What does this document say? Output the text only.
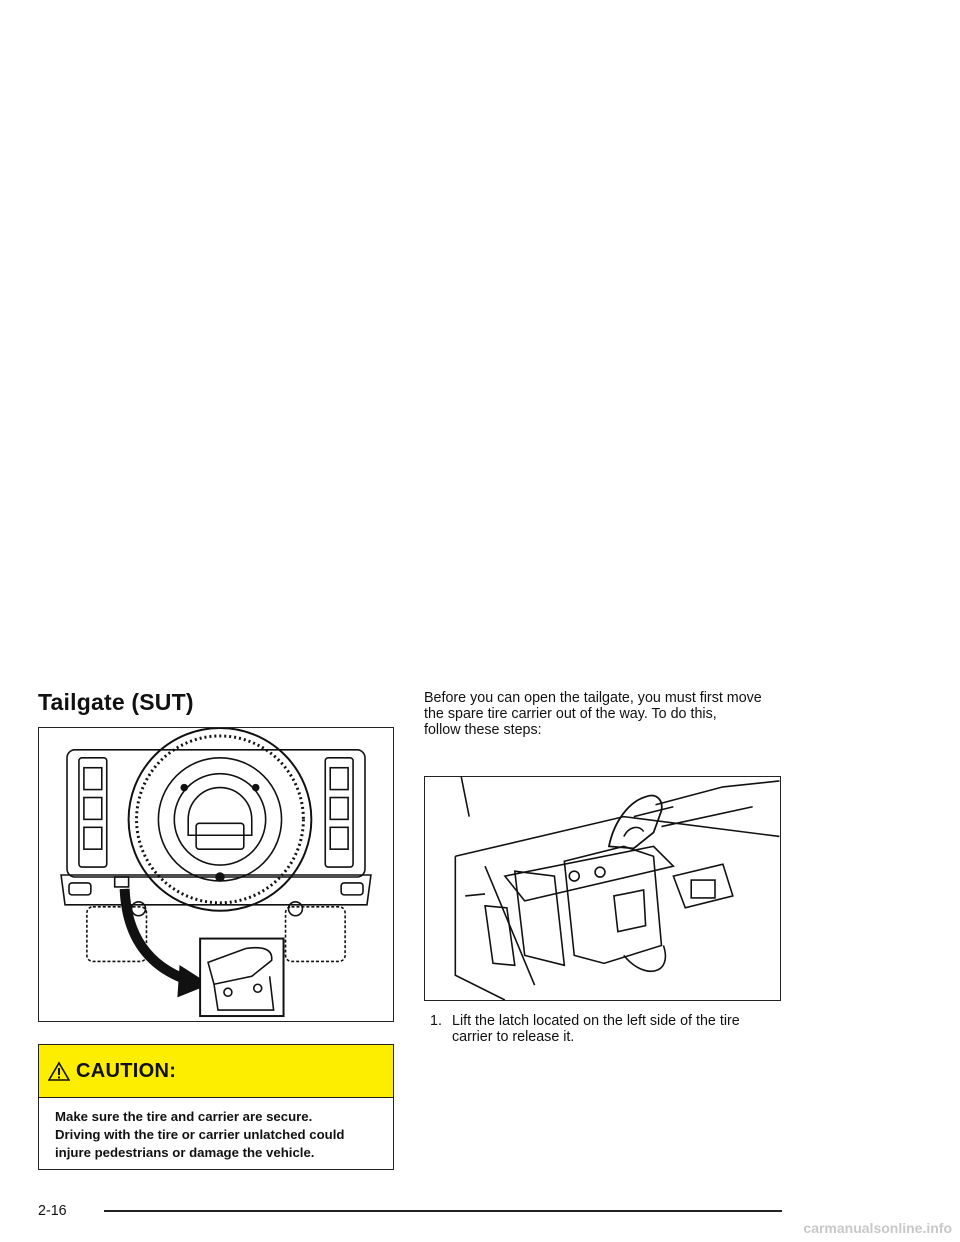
Tailgate (SUT)
CAUTION:
Make sure the tire and carrier are secure.
Driving with the tire or carrier unlatched could
injure pedestrians or damage the vehicle.

Before you can open the tailgate, you must first move
the spare tire carrier out of the way. To do this,
follow these steps:

1. Lift the latch located on the left side of the tire
carrier to release it.
2-16
carmanualsonline.info
